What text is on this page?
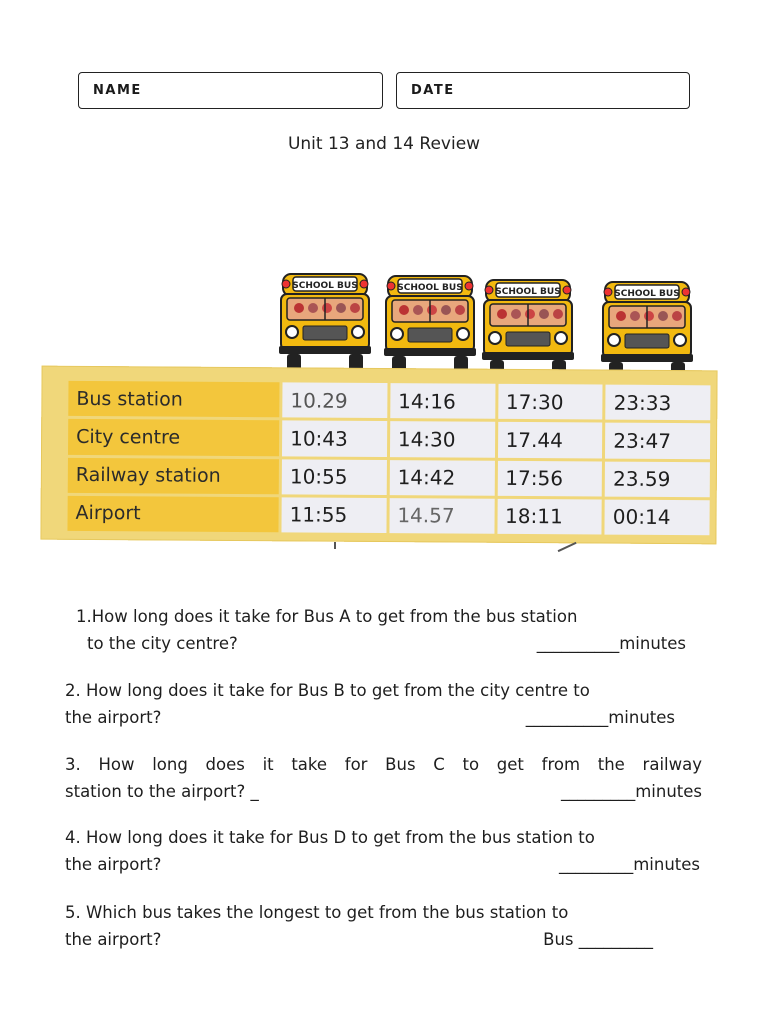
NAME	DATE
Unit 13 and 14 Review
SCHOOL BUS	SCHOOL BUS	SCHOOL BUS	SCHOOL BUS
Bus station	10.29	14:16	17:30	23:33
City centre	10:43	14:30	17.44	23:47
Railway station	10:55	14:42	17:56	23.59
Airport	11:55	14.57	18:11	00:14
1.How long does it take for Bus A to get from the bus station
to the city centre?	__________minutes
2. How long does it take for Bus B to get from the city centre to
the airport?	__________minutes
3. How long does it take for Bus C to get from the railway
station to the airport? _	_________minutes
4. How long does it take for Bus D to get from the bus station to
the airport?	_________minutes
5. Which bus takes the longest to get from the bus station to
the airport?	Bus _________
